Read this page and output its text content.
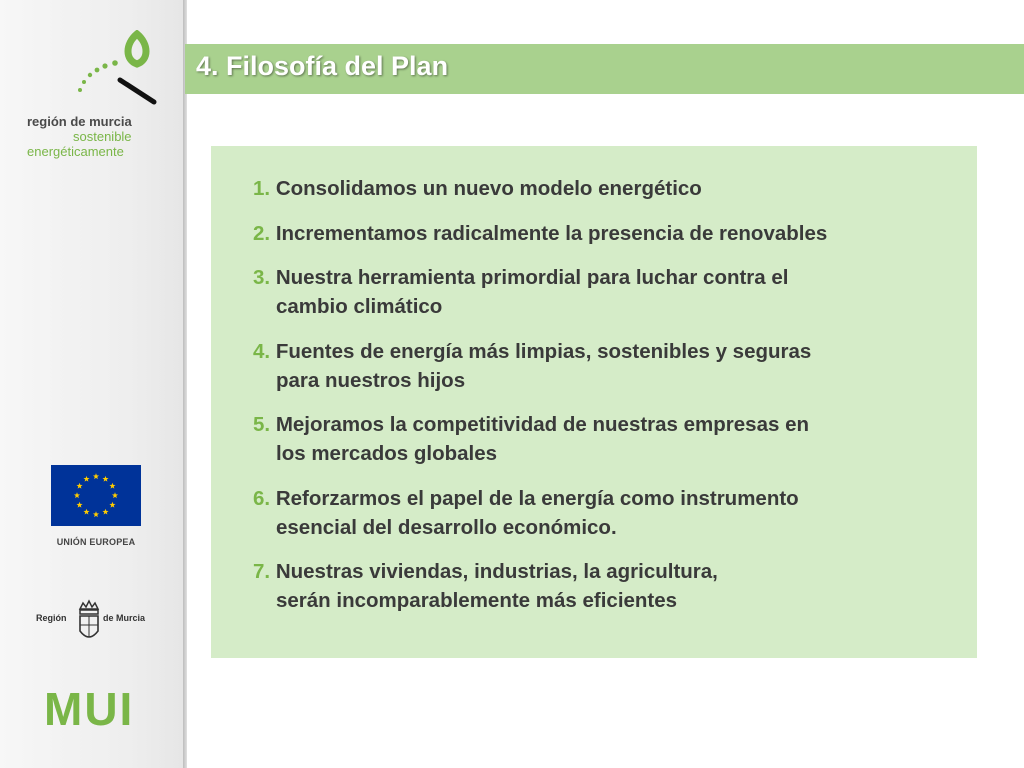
región de murcia
sostenible
energéticamente
UNIÓN EUROPEA
Región	de Murcia
MUI
4. Filosofía del Plan
1. Consolidamos un nuevo modelo energético
2. Incrementamos radicalmente la presencia de renovables
3. Nuestra herramienta primordial para luchar contra el
cambio climático
4. Fuentes de energía más limpias, sostenibles y seguras
para nuestros hijos
5. Mejoramos la competitividad de nuestras empresas en
los mercados globales
6. Reforzarmos el papel de la energía como instrumento
esencial del desarrollo económico.
7. Nuestras viviendas, industrias, la agricultura,
serán incomparablemente más eficientes
